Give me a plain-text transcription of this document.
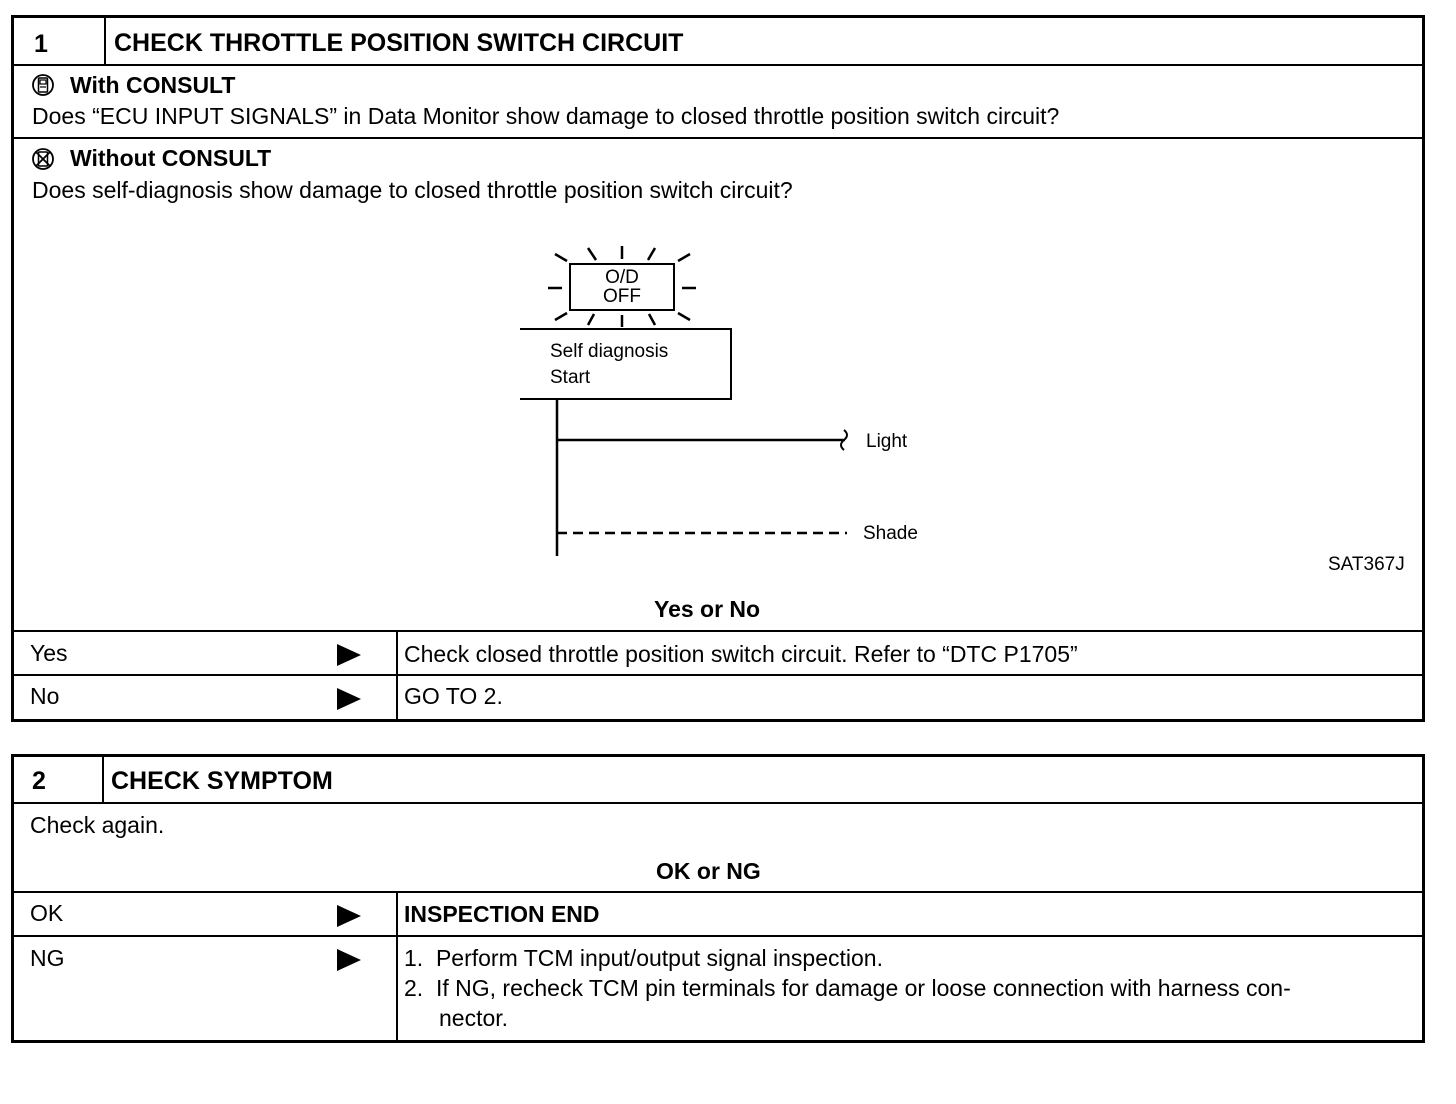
1	CHECK THROTTLE POSITION SWITCH CIRCUIT
With CONSULT
Does “ECU INPUT SIGNALS” in Data Monitor show damage to closed throttle position switch circuit?
Without CONSULT
Does self-diagnosis show damage to closed throttle position switch circuit?
Yes or No
Yes	Check closed throttle position switch circuit. Refer to “DTC P1705”
No	GO TO 2.
O/D
OFF
Self diagnosis
Start
Light
Shade
SAT367J
2	CHECK SYMPTOM
Check again.
OK or NG
OK	INSPECTION END
NG	1.  Perform TCM input/output signal inspection.
2.  If NG, recheck TCM pin terminals for damage or loose connection with harness con-
nector.
